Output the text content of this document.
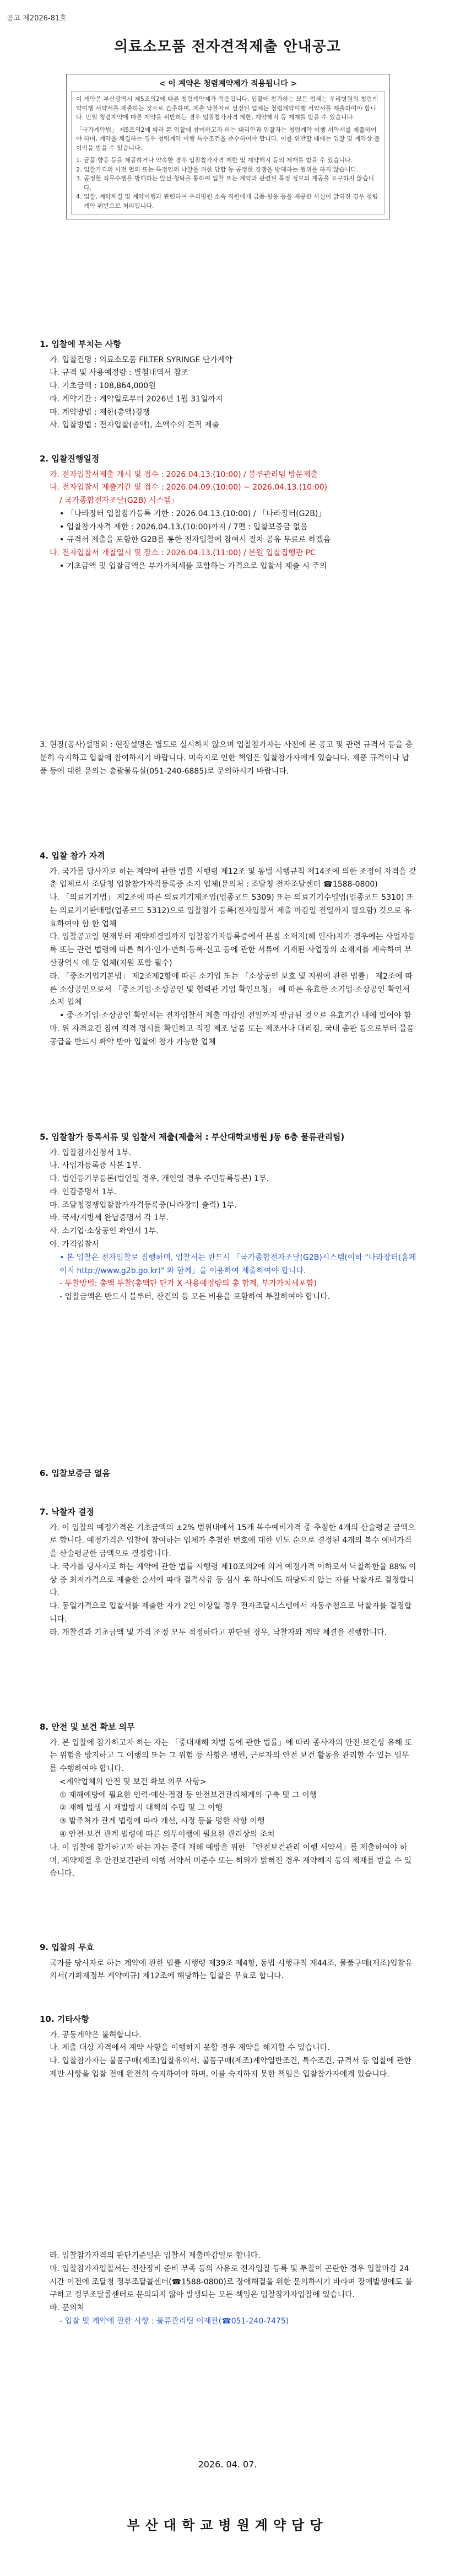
공고 제2026-81호
의료소모품 전자견적제출 안내공고
< 이 계약은 청렴계약제가 적용됩니다 >

이 계약은 부산광역시 제5조의2에 따른 청렴계약제가 적용됩니다. 입찰에 참가하는 모든 업체는 우리병원의 청렴계약이행 서약서를 제출하는 것으로 간주하며, 제출 낙찰자로 선정된 업체는 청렴계약이행 서약서를 제출하여야 합니다. 만일 청렴계약에 따른 계약을 위반하는 경우 입찰참가자격 제한, 계약해지 등 제재를 받을 수 있습니다.

「국가계약법」 제5조의2에 따라 본 입찰에 참여하고자 하는 대리인과 입찰자는 청렴계약 이행 서약서를 제출하여야 하며, 계약을 체결하는 경우 청렴계약 이행 특수조건을 준수하여야 합니다. 이를 위반할 때에는 입찰 및 계약상 불이익을 받을 수 있습니다.

1. 금품·향응 등을 제공하거나 약속한 경우 입찰참가자격 제한 및 계약해지 등의 제재를 받을 수 있습니다.
2. 입찰가격의 사전 협의 또는 특정인의 낙찰을 위한 담합 등 공정한 경쟁을 방해하는 행위를 하지 않습니다.
3. 공정한 직무수행을 방해하는 알선·청탁을 통하여 입찰 또는 계약과 관련된 특정 정보의 제공을 요구하지 않습니다.
4. 입찰, 계약체결 및 계약이행과 관련하여 우리병원 소속 직원에게 금품·향응 등을 제공한 사실이 밝혀진 경우 청렴계약 위반으로 처리됩니다.
1. 입찰에 부치는 사항

가. 입찰건명 : 의료소모품 FILTER SYRINGE 단가계약

나. 규격 및 사용예정량 : 별첨내역서 참조

다. 기초금액 : 108,864,000원

라. 계약기간 : 계약일로부터 2026년 1월 31일까지

마. 계약방법 : 제한(총액)경쟁

사. 입찰방법 : 전자입찰(총액), 소액수의 견적 제출

2. 입찰진행일정

가. 전자입찰서제출 개시 및 접수 : 2026.04.13.(10:00) / 불루관리팀 방문제출

나. 전자입찰서 제출기간 및 접수 : 2026.04.09.(10:00) ~ 2026.04.13.(10:00)

/ 국가종합전자조달(G2B) 시스템」

• 「나라장터 입찰참가등록 기한 : 2026.04.13.(10:00) / 「나라장터(G2B)」

• 입찰참가자격 제한 : 2026.04.13.(10:00)까지 / 7편 : 입찰보증금 없음

• 규격서 제출을 포함한 G2B를 통한 전자입찰에 참여시 절차 공유 무료로 하겠음

다. 전자입찰서 개찰일시 및 장소 : 2026.04.13.(11:00) / 본원 입찰집행관 PC

• 기초금액 및 입찰금액은 부가가치세를 포함하는 가격으로 입찰서 제출 시 주의

3. 현장(공사)설명회 : 현장설명은 별도로 실시하지 않으며 입찰참가자는 사전에 본 공고 및 관련 규격서 등을 충분히 숙지하고 입찰에 참여하시기 바랍니다. 미숙지로 인한 책임은 입찰참가자에게 있습니다. 제품 규격이나 납품 등에 대한 문의는 총괄물류실(051-240-6885)로 문의하시기 바랍니다.

4. 입찰 참가 자격

가. 국가를 당사자로 하는 계약에 관한 법률 시행령 제12조 및 동법 시행규칙 제14조에 의한 조정이 자격을 갖춘 업체로서 조달청 입찰참가자격등록증 소지 업체(문의처 : 조달청 전자조달센터 ☎1588-0800)

나. 「의료기기법」 제2조에 따른 의료기기제조업(업종코드 5309) 또는 의료기기수입업(업종코드 5310) 또는 의료기기판매업(업종코드 5312)으로 입찰참가 등록(전자입찰서 제출 마감일 전일까지 필요함) 것으로 유효하여야 함 한 업체

다. 입찰공고일 현재부터 계약체결일까지 입찰참가자등록증에서 본점 소재지(해 인사)지가 경우에는 사업자등록 또는 관련 법령에 따른 허가·인가·면허·등록·신고 등에 관한 서류에 기재된 사업장의 소재지를 계속하여 부산광역시 에 둔 업체(지원 포함 필수)

라. 「중소기업기본법」 제2조제2항에 따른 소기업 또는 「소상공인 보호 및 지원에 관한 법률」 제2조에 따른 소상공인으로서 「중소기업·소상공인 및 협력관 기업 확인요청」 에 따른 유효한 소기업·소상공인 확인서 소지 업체

• 중·소기업·소상공인 확인서는 전자입찰서 제출 마감일 전일까지 발급된 것으로 유효기간 내에 있어야 함

마. 위 자격요건 참여 적격 명시를 확인하고 적정 제조 납품 또는 제조사나 대리점, 국내 총판 등으로부터 물품 공급을 반드시 확약 받아 입찰에 참가 가능한 업체

5. 입찰참가 등록서류 및 입찰서 제출(제출처 : 부산대학교병원 J동 6층 물류관리팀)

가. 입찰참가신청서 1부.

나. 사업자등록증 사본 1부.

다. 법인등기부등본(법인일 경우, 개인일 경우 주민등록등본) 1부.

라. 인감증명서 1부.

마. 조달청경쟁입찰참가자격등록증(나라장터 출력) 1부.

바. 국세/지방세 완납증명서 각 1부.

사. 소기업·소상공인 확인서 1부.

아. 가격입찰서

• 본 입찰은 전자입찰로 집행하며, 입찰서는 반드시 「국가종합전자조달(G2B)시스템(이하 "나라장터(홈페이지 http://www.g2b.go.kr)" 와 함께」을 이용하여 제출하여야 합니다.

- 투찰방법: 총액 투찰(총액단 단가 X 사용예정량의 총 합계, 부가가치세포함)

- 입찰금액은 반드시 불루터, 산건의 등 모든 비용을 포함하여 투찰하여야 합니다.

6. 입찰보증금 없음
7. 낙찰자 결정

가. 이 입찰의 예정가격은 기초금액의 ±2% 범위내에서 15개 복수예비가격 중 추첨한 4개의 산술평균 금액으로 합니다. 예정가격은 입찰에 참여하는 업체가 추첨한 번호에 대한 빈도 순으로 결정된 4개의 복수 예비가격을 산술평균한 금액으로 결정합니다.

나. 국가를 당사자로 하는 계약에 관한 법률 시행령 제10조의2에 의거 예정가격 이하로서 낙찰하한율 88% 이상 중 최저가격으로 제출한 순서에 따라 결격사유 등 심사 후 하나에도 해당되지 않는 자를 낙찰자로 결정합니다.

다. 동일가격으로 입찰서를 제출한 자가 2인 이상일 경우 전자조달시스템에서 자동추첨으로 낙찰자를 결정합니다.

라. 개찰결과 기초금액 및 가격 조정 모두 적정하다고 판단될 경우, 낙찰자와 계약 체결을 진행합니다.

8. 안전 및 보건 확보 의무

가. 본 입찰에 참가하고자 하는 자는 「중대재해 처벌 등에 관한 법률」에 따라 종사자의 안전·보건상 유해 또는 위험을 방지하고 그 이행의 또는 그 위험 등 사항은 병원, 근로자의 안전 보건 활동을 관리할 수 있는 업무를 수행하여야 합니다.

<계약업체의 안전 및 보건 확보 의무 사항>

① 재해예방에 필요한 인력·예산·점검 등 안전보건관리체계의 구축 및 그 이행

② 재해 발생 시 재발방지 대책의 수립 및 그 이행

③ 발주처가 관계 법령에 따라 개선, 시정 등을 명한 사항 이행

④ 안전·보건 관계 법령에 따른 의무이행에 필요한 관리상의 조치

나. 이 입찰에 참가하고자 하는 자는 중대 재해 예방을 위한 「안전보건관리 이행 서약서」를 제출하여야 하며, 계약체결 후 안전보건관리 이행 서약서 미준수 또는 허위가 밝혀진 경우 계약해지 등의 제재를 받을 수 있습니다.

9. 입찰의 무효

국가를 당사자로 하는 계약에 관한 법률 시행령 제39조 제4항, 동법 시행규칙 제44조, 물품구매(제조)입찰유의서(기획재정부 계약예규) 제12조에 해당하는 입찰은 무효로 합니다.

10. 기타사항

가. 공동계약은 불허합니다.

나. 제출 대상 자격에서 계약 사항을 이행하지 못할 경우 계약을 해지할 수 있습니다.

다. 입찰참가자는 물품구매(제조)입찰유의서, 물품구매(제조)계약일반조건, 특수조건, 규격서 등 입찰에 관한 제반 사항을 입찰 전에 완전히 숙지하여야 하며, 이를 숙지하지 못한 책임은 입찰참가자에게 있습니다.

라. 입찰참가자격의 판단기준일은 입찰서 제출마감일로 합니다.

마. 입찰참가자입찰서는 전산장비 준비 부족 등의 사유로 전자입찰 등록 및 투찰이 곤란한 경우 입찰마감 24시간 이전에 조달청 정부조달콜센터(☎1588-0800)로 장애해결을 위한 문의하시기 바라며 장애발생에도 불구하고 정부조달콜센터로 문의되지 않아 발생되는 모든 책임은 입찰참가자입찰에 있습니다.

바. 문의처

- 입찰 및 계약에 관한 사항 : 물류관리팀 이재관(☎051-240-7475)

2026. 04. 07.
부산대학교병원계약담당
